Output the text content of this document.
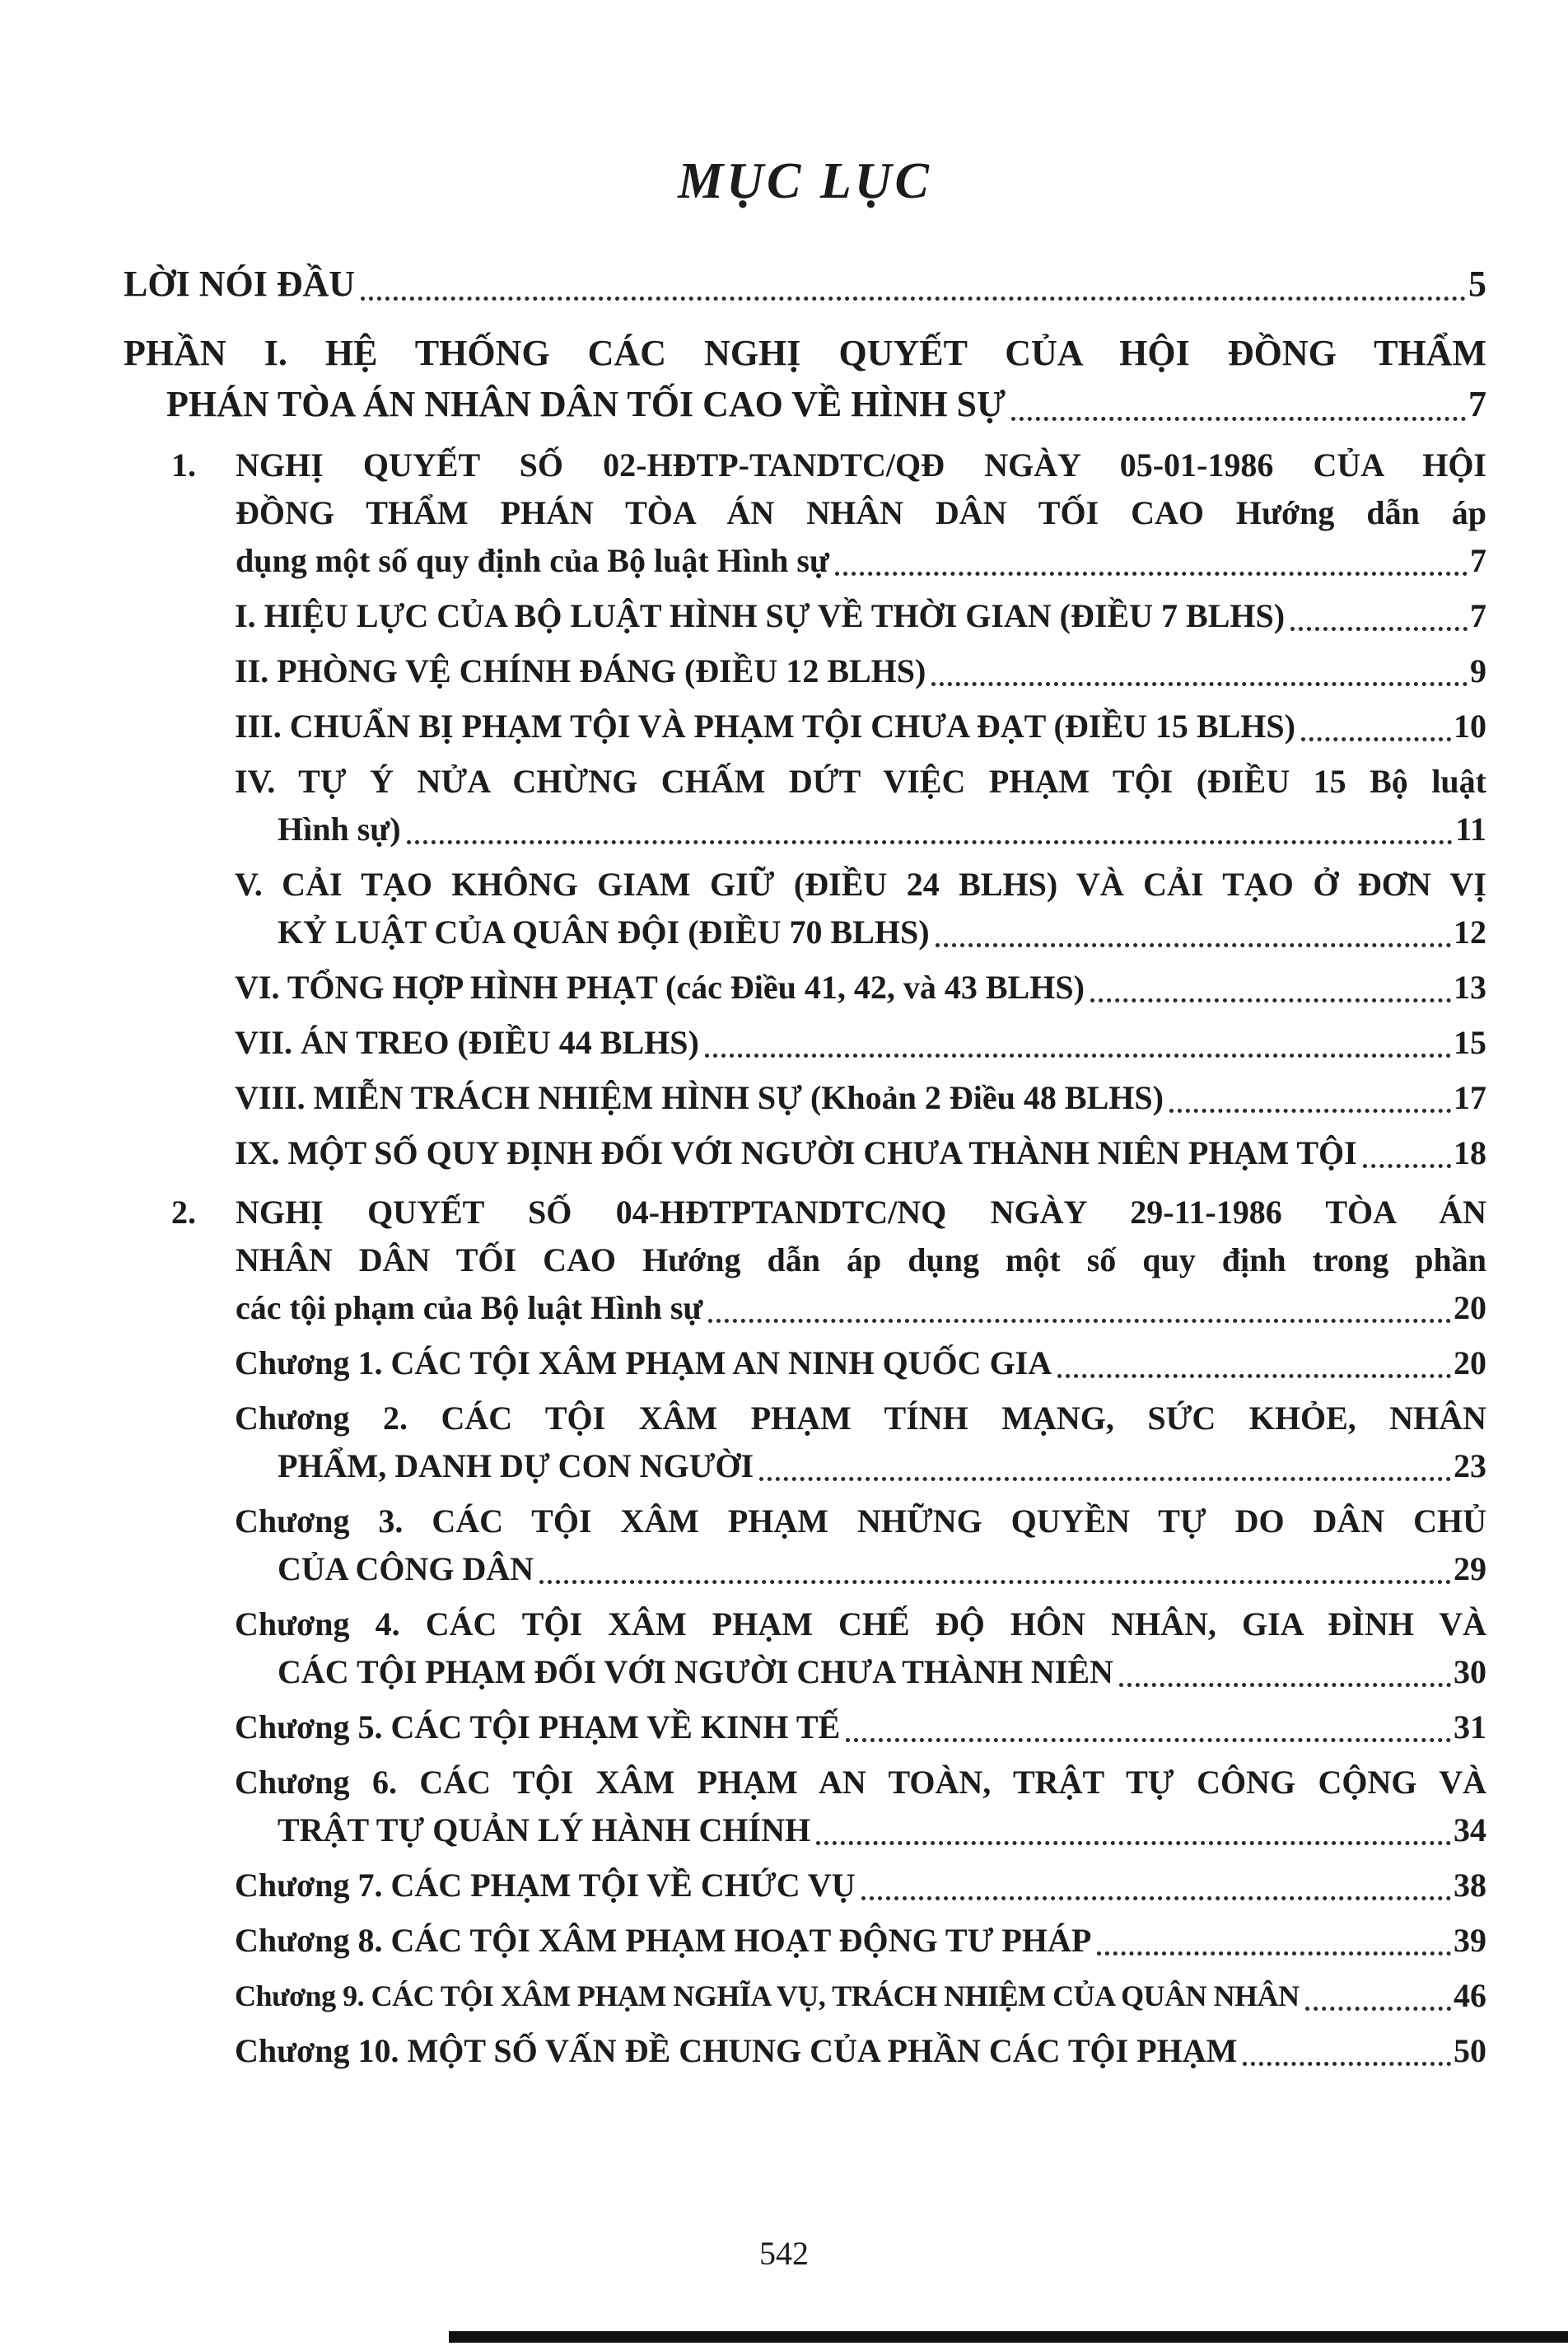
MỤC LỤC
LỜI NÓI ĐẦU	5
PHẦN I. HỆ THỐNG CÁC NGHỊ QUYẾT CỦA HỘI ĐỒNG THẨM
PHÁN TÒA ÁN NHÂN DÂN TỐI CAO VỀ HÌNH SỰ	7
1.	NGHỊ QUYẾT SỐ 02-HĐTP-TANDTC/QĐ NGÀY 05-01-1986 CỦA HỘI
ĐỒNG THẨM PHÁN TÒA ÁN NHÂN DÂN TỐI CAO Hướng dẫn áp
dụng một số quy định của Bộ luật Hình sự	7
I. HIỆU LỰC CỦA BỘ LUẬT HÌNH SỰ VỀ THỜI GIAN (ĐIỀU 7 BLHS)	7
II. PHÒNG VỆ CHÍNH ĐÁNG (ĐIỀU 12 BLHS)	9
III. CHUẨN BỊ PHẠM TỘI VÀ PHẠM TỘI CHƯA ĐẠT (ĐIỀU 15 BLHS)	10
IV. TỰ Ý NỬA CHỪNG CHẤM DỨT VIỆC PHẠM TỘI (ĐIỀU 15 Bộ luật
Hình sự)	11
V. CẢI TẠO KHÔNG GIAM GIỮ (ĐIỀU 24 BLHS) VÀ CẢI TẠO Ở ĐƠN VỊ
KỶ LUẬT CỦA QUÂN ĐỘI (ĐIỀU 70 BLHS)	12
VI. TỔNG HỢP HÌNH PHẠT (các Điều 41, 42, và 43 BLHS)	13
VII. ÁN TREO (ĐIỀU 44 BLHS)	15
VIII. MIỄN TRÁCH NHIỆM HÌNH SỰ (Khoản 2 Điều 48 BLHS)	17
IX. MỘT SỐ QUY ĐỊNH ĐỐI VỚI NGƯỜI CHƯA THÀNH NIÊN PHẠM TỘI	18
2.	NGHỊ QUYẾT SỐ 04-HĐTPTANDTC/NQ NGÀY 29-11-1986 TÒA ÁN
NHÂN DÂN TỐI CAO Hướng dẫn áp dụng một số quy định trong phần
các tội phạm của Bộ luật Hình sự	20
Chương 1. CÁC TỘI XÂM PHẠM AN NINH QUỐC GIA	20
Chương 2. CÁC TỘI XÂM PHẠM TÍNH MẠNG, SỨC KHỎE, NHÂN
PHẨM, DANH DỰ CON NGƯỜI	23
Chương 3. CÁC TỘI XÂM PHẠM NHỮNG QUYỀN TỰ DO DÂN CHỦ
CỦA CÔNG DÂN	29
Chương 4. CÁC TỘI XÂM PHẠM CHẾ ĐỘ HÔN NHÂN, GIA ĐÌNH VÀ
CÁC TỘI PHẠM ĐỐI VỚI NGƯỜI CHƯA THÀNH NIÊN	30
Chương 5. CÁC TỘI PHẠM VỀ KINH TẾ	31
Chương 6. CÁC TỘI XÂM PHẠM AN TOÀN, TRẬT TỰ CÔNG CỘNG VÀ
TRẬT TỰ QUẢN LÝ HÀNH CHÍNH	34
Chương 7. CÁC PHẠM TỘI VỀ CHỨC VỤ	38
Chương 8. CÁC TỘI XÂM PHẠM HOẠT ĐỘNG TƯ PHÁP	39
Chương 9. CÁC TỘI XÂM PHẠM NGHĨA VỤ, TRÁCH NHIỆM CỦA QUÂN NHÂN	46
Chương 10. MỘT SỐ VẤN ĐỀ CHUNG CỦA PHẦN CÁC TỘI PHẠM	50
542
